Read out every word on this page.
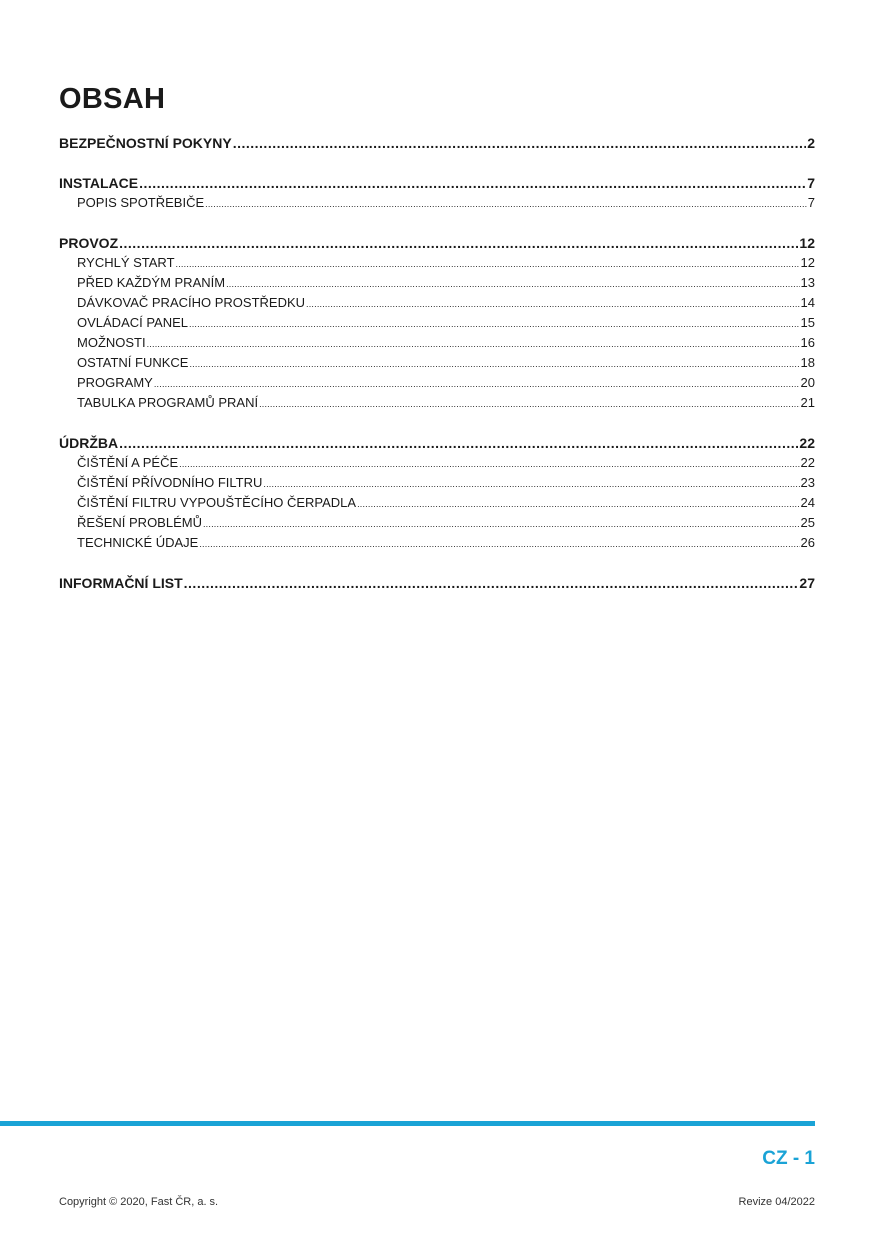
OBSAH
BEZPEČNOSTNÍ POKYNY .....	2
INSTALACE .....	7
POPIS SPOTŘEBIČE .....	7
PROVOZ .....	12
RYCHLÝ START .....	12
PŘED KAŽDÝM PRANÍM .....	13
DÁVKOVAČ PRACÍHO PROSTŘEDKU .....	14
OVLÁDACÍ PANEL .....	15
MOŽNOSTI .....	16
OSTATNÍ FUNKCE .....	18
PROGRAMY .....	20
TABULKA PROGRAMŮ PRANÍ .....	21
ÚDRŽBA .....	22
ČIŠTĚNÍ A PÉČE .....	22
ČIŠTĚNÍ PŘÍVODNÍHO FILTRU .....	23
ČIŠTĚNÍ FILTRU VYPOUŠTĚCÍHO ČERPADLA .....	24
ŘEŠENÍ PROBLÉMŮ .....	25
TECHNICKÉ ÚDAJE .....	26
INFORMAČNÍ LIST .....	27
CZ - 1
Copyright © 2020, Fast ČR, a. s.	Revize 04/2022
